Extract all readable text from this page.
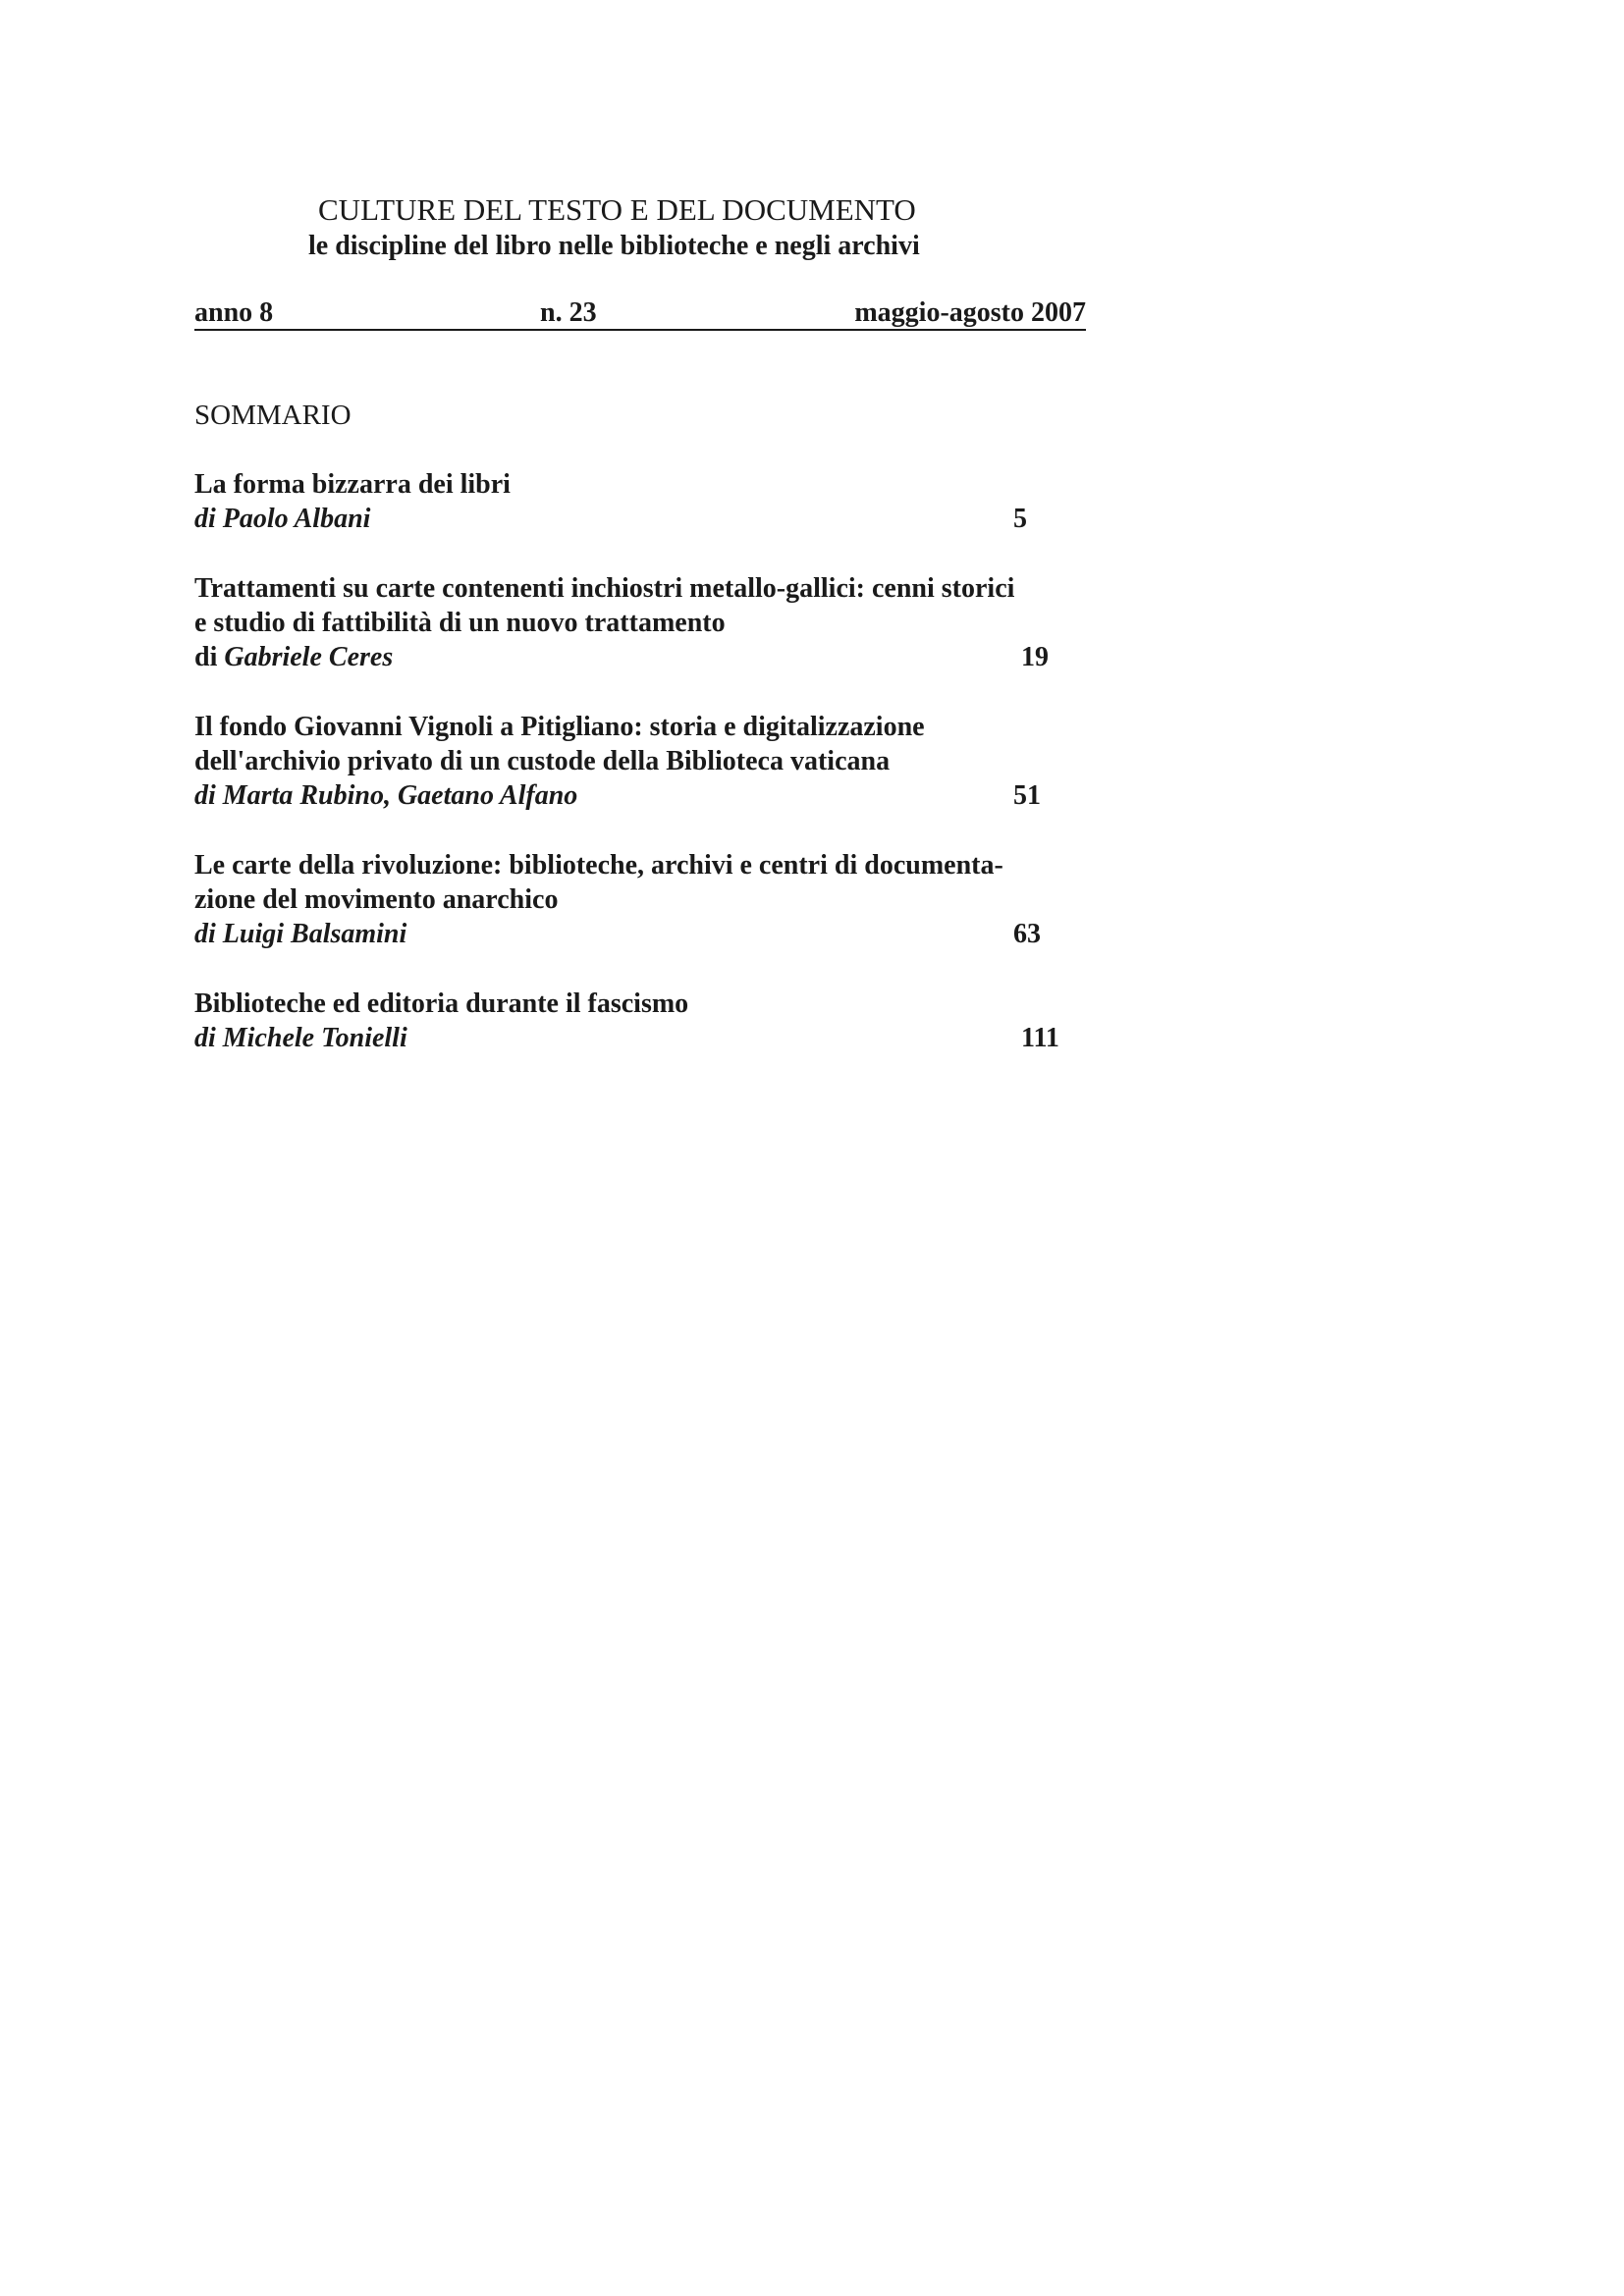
CULTURE DEL TESTO E DEL DOCUMENTO
le discipline del libro nelle biblioteche e negli archivi
anno 8	n. 23	maggio-agosto 2007
SOMMARIO
La forma bizzarra dei libri
di Paolo Albani	5
Trattamenti su carte contenenti inchiostri metallo-gallici: cenni storici
e studio di fattibilità di un nuovo trattamento
di Gabriele Ceres	19
Il fondo Giovanni Vignoli a Pitigliano: storia e digitalizzazione
dell'archivio privato di un custode della Biblioteca vaticana
di Marta Rubino, Gaetano Alfano	51
Le carte della rivoluzione: biblioteche, archivi e centri di documenta-
zione del movimento anarchico
di Luigi Balsamini	63
Biblioteche ed editoria durante il fascismo
di Michele Tonielli	111
